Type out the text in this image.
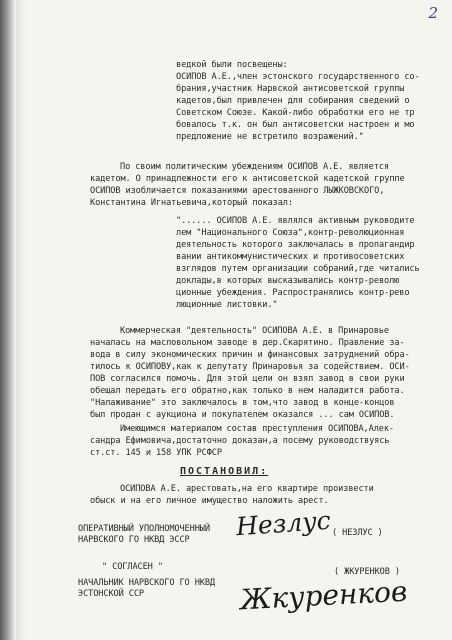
2
ведкой были посвещены:
ОСИПОВ А.Е.,член эстонского государственного со-
брания,участник Нарвской антисоветской группы
кадетов,был привлечен для собирания сведений о
Советском Союзе. Какой-либо обработки его не тр
бовалось т.к. он был антисоветски настроен и мо
предложение не встретило возражений."
По своим политическим убеждениям ОСИПОВ А.Е. является
кадетом. О принадлежности его к антисоветской кадетской группе
ОСИПОВ изобличается показаниями арестованного ЛЫЖКОВСКОГО,
Константина Игнатьевича,который показал:
"...... ОСИПОВ А.Е. являлся активным руководите
лем "Национального Союза",контр-революционная
деятельность которого заключалась в пропагандир
вании антикоммунистических и противосоветских
взглядов путем организации собраний,где читались
доклады,в которых высказывались контр-револю
ционные убеждения. Распространялись контр-рево
люционные листовки."
Коммерческая "деятельность" ОСИПОВА А.Е. в Принаровье
началась на масловольном заводе в дер.Скарятино. Правление за-
вода в силу экономических причин и финансовых затруднений обра-
тилось к ОСИПОВУ,как к депутату Принаровья за содействием. ОСИ-
ПОВ согласился помочь. Для этой цели он взял завод в свои руки
обещал передать его обратно,как только в нем наладится работа.
"Налаживание" это заключалось в том,что завод в конце-концов
был продан с аукциона и покупателем оказался ... сам ОСИПОВ.
Имеющимся материалом состав преступления ОСИПОВА,Алек-
сандра Ефимовича,достаточно доказан,а посему руководствуясь
ст.ст. 145 и 158 УПК РСФСР
ПОСТАНОВИЛ:
ОСИПОВА А.Е. арестовать,на его квартире произвести
обыск и на его личное имущество наложить арест.
ОПЕРАТИВНЫЙ УПОЛНОМОЧЕННЫЙ
НАРВСКОГО ГО НКВД ЭССР Незлус ( НЕЗЛУС )
" СОГЛАСЕН "
НАЧАЛЬНИК НАРВСКОГО ГО НКВД
ЭСТОНСКОЙ ССР
( ЖКУРЕНКОВ )
Жкуренков
